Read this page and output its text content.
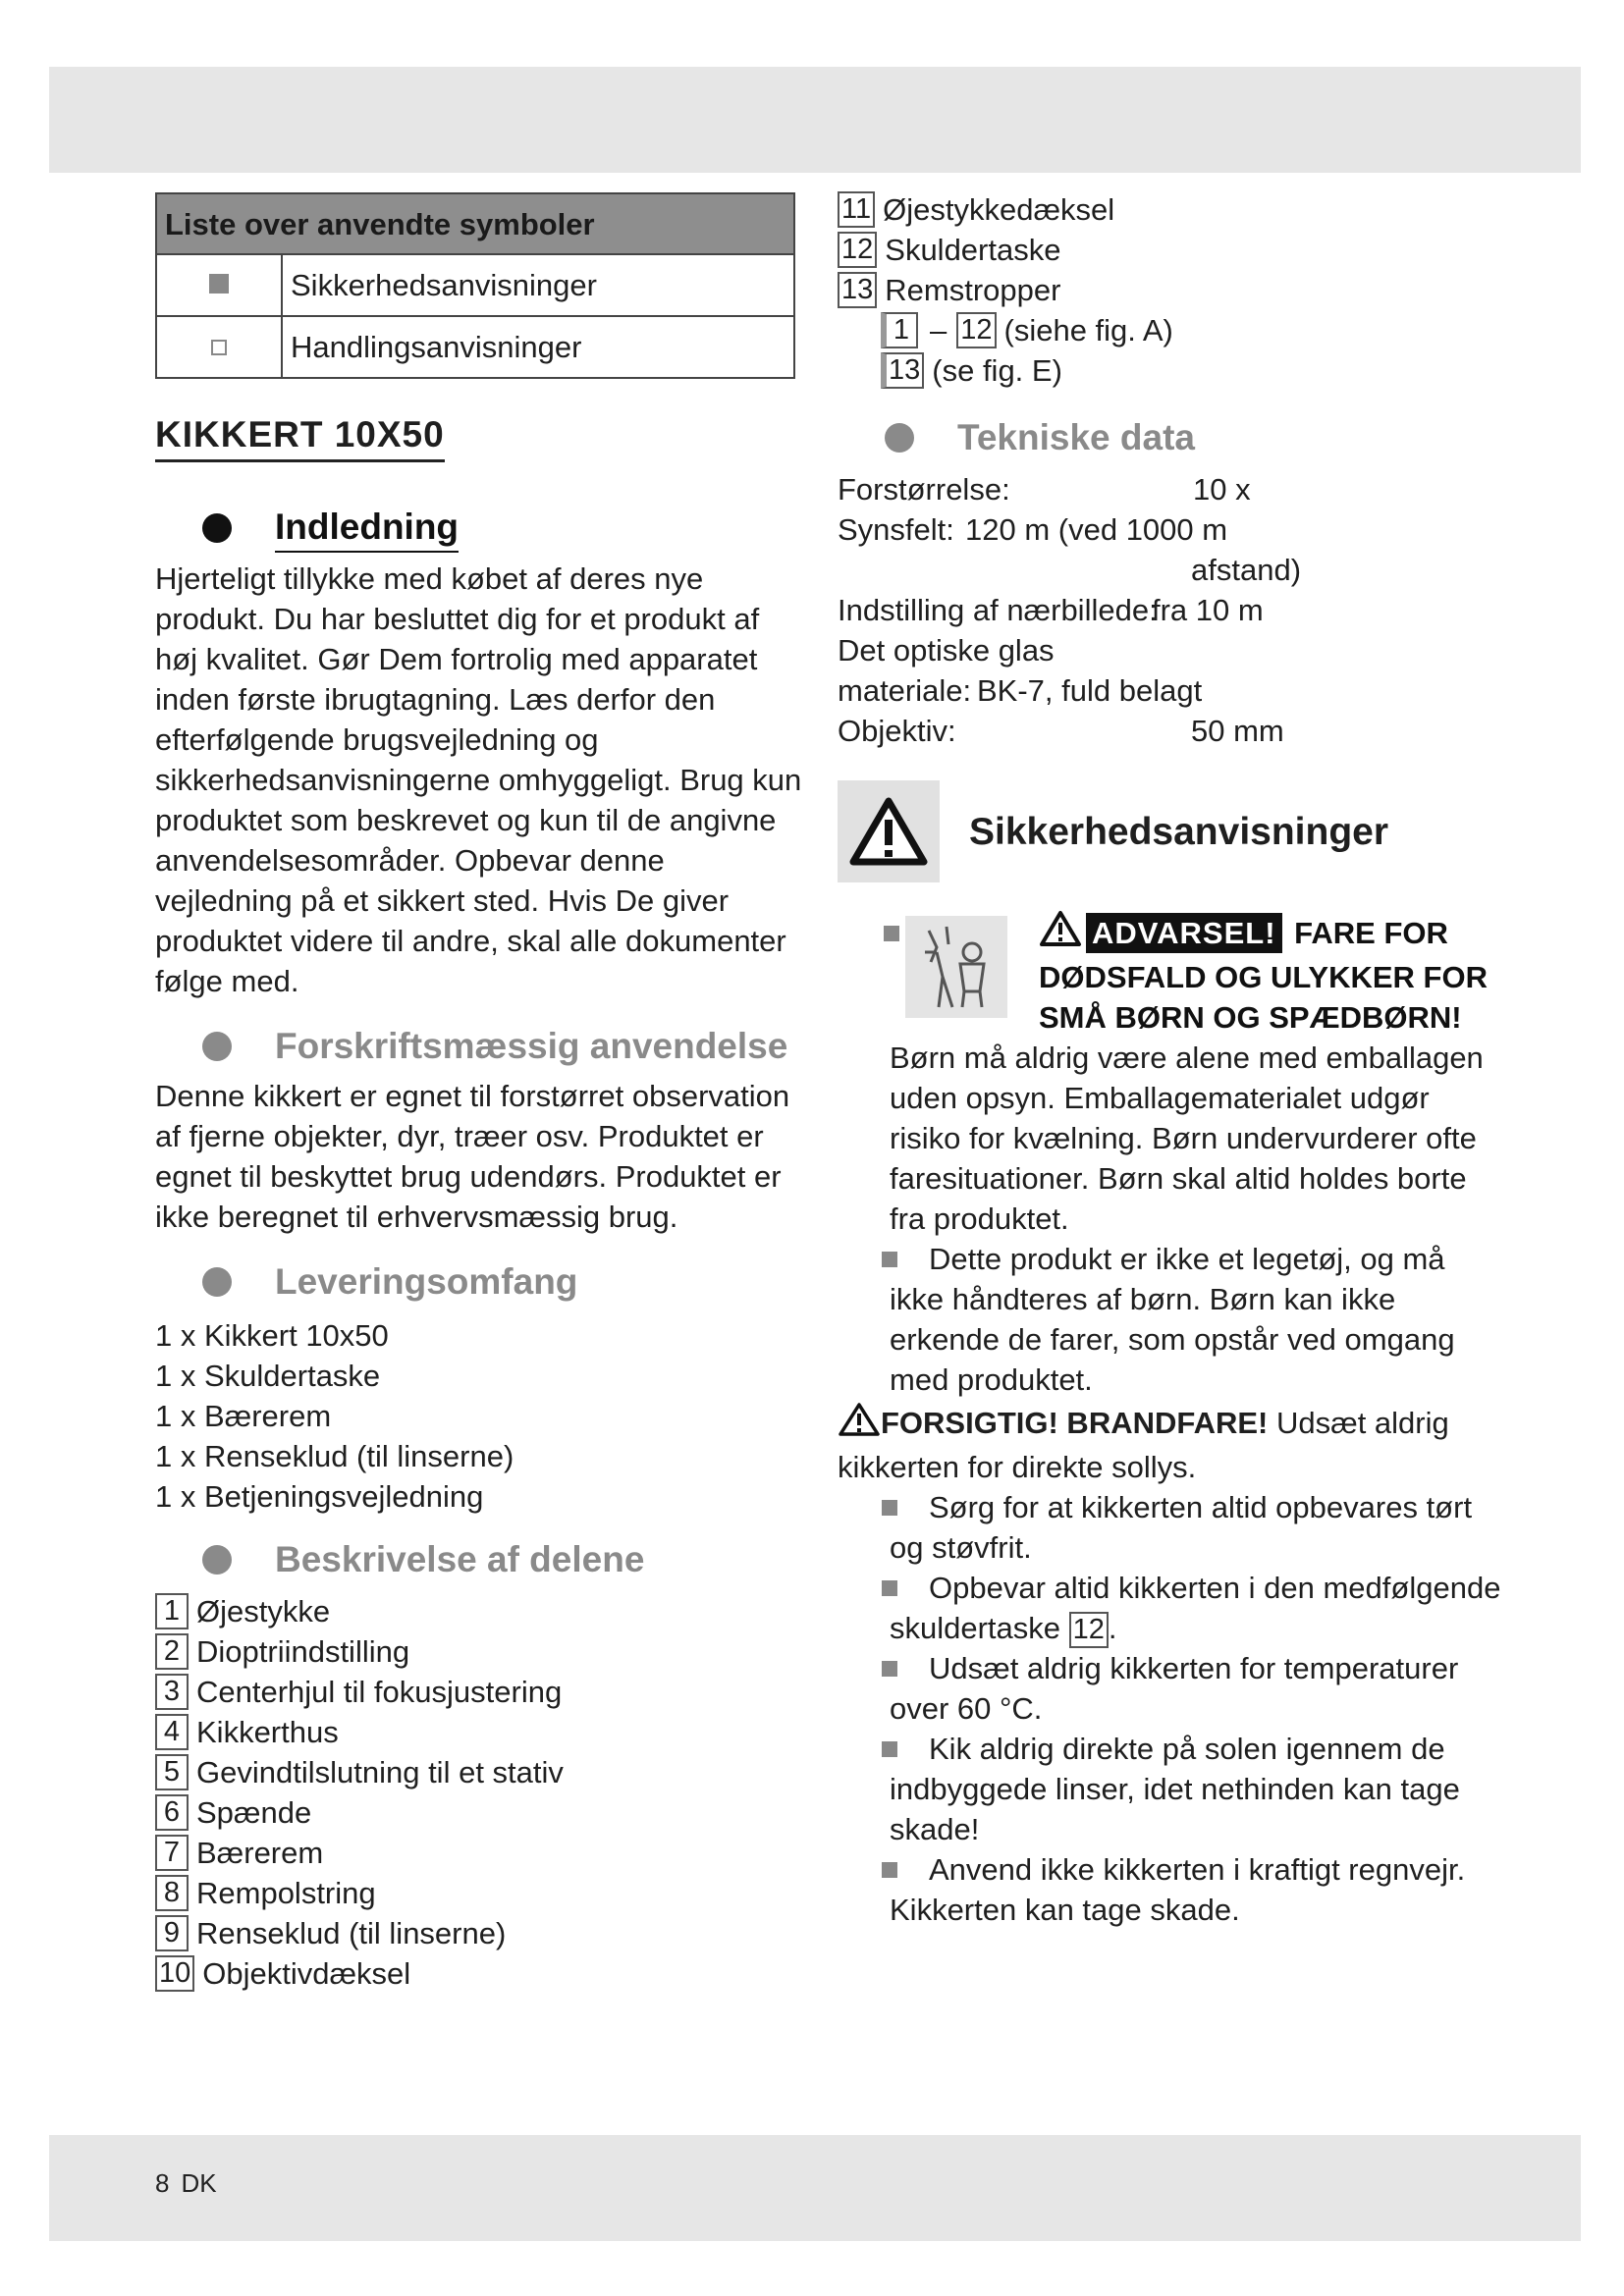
Liste over anvendte symboler	
	Sikkerhedsanvisninger
	Handlingsanvisninger
KIKKERT 10X50
Indledning

Hjerteligt tillykke med købet af deres nye produkt. Du har besluttet dig for et produkt af høj kvalitet. Gør Dem fortrolig med apparatet inden første ibrugtagning. Læs derfor den efterfølgende brugsvejledning og sikkerhedsanvisningerne omhyggeligt. Brug kun produktet som beskrevet og kun til de angivne anvendelsesområder. Opbevar denne vejledning på et sikkert sted. Hvis De giver produktet videre til andre, skal alle dokumenter følge med.

Forskriftsmæssig anvendelse

Denne kikkert er egnet til forstørret observation af fjerne objekter, dyr, træer osv. Produktet er egnet til beskyttet brug udendørs. Produktet er ikke beregnet til erhvervsmæssig brug.

Leveringsomfang
1 x Kikkert 10x50
1 x Skuldertaske
1 x Bærerem
1 x Renseklud (til linserne)
1 x Betjeningsvejledning
Beskrivelse af delene
1 Øjestykke
2 Dioptriindstilling
3 Centerhjul til fokusjustering
4 Kikkerthus
5 Gevindtilslutning til et stativ
6 Spænde
7 Bærerem
8 Rempolstring
9 Renseklud (til linserne)
10 Objektivdæksel
11 Øjestykkedæksel
12 Skuldertaske
13 Remstropper
1 – 12 (siehe fig. A)
13 (se fig. E)
Tekniske data
Forstørrelse:	10 x
Synsfelt: 120 m (ved 1000 m
afstand)
Indstilling af nærbillede:
fra 10 m
Det optiske glas
materiale: BK-7, fuld belagt
Objektiv:	50 mm
Sikkerhedsanvisninger
ADVARSEL! FARE FOR
DØDSFALD OG ULYKKER FOR
SMÅ BØRN OG SPÆDBØRN!

Børn må aldrig være alene med emballagen uden opsyn. Emballagematerialet udgør risiko for kvælning. Børn undervurderer ofte faresituationer. Børn skal altid holdes borte fra produktet.

Dette produkt er ikke et legetøj, og må ikke håndteres af børn. Børn kan ikke erkende de farer, som opstår ved omgang med produktet.

FORSIGTIG! BRANDFARE! Udsæt aldrig kikkerten for direkte sollys.

Sørg for at kikkerten altid opbevares tørt og støvfrit.

Opbevar altid kikkerten i den medfølgende skuldertaske 12 .

Udsæt aldrig kikkerten for temperaturer over 60 °C.

Kik aldrig direkte på solen igennem de indbyggede linser, idet nethinden kan tage skade!

Anvend ikke kikkerten i kraftigt regnvejr. Kikkerten kan tage skade.

8 DK
